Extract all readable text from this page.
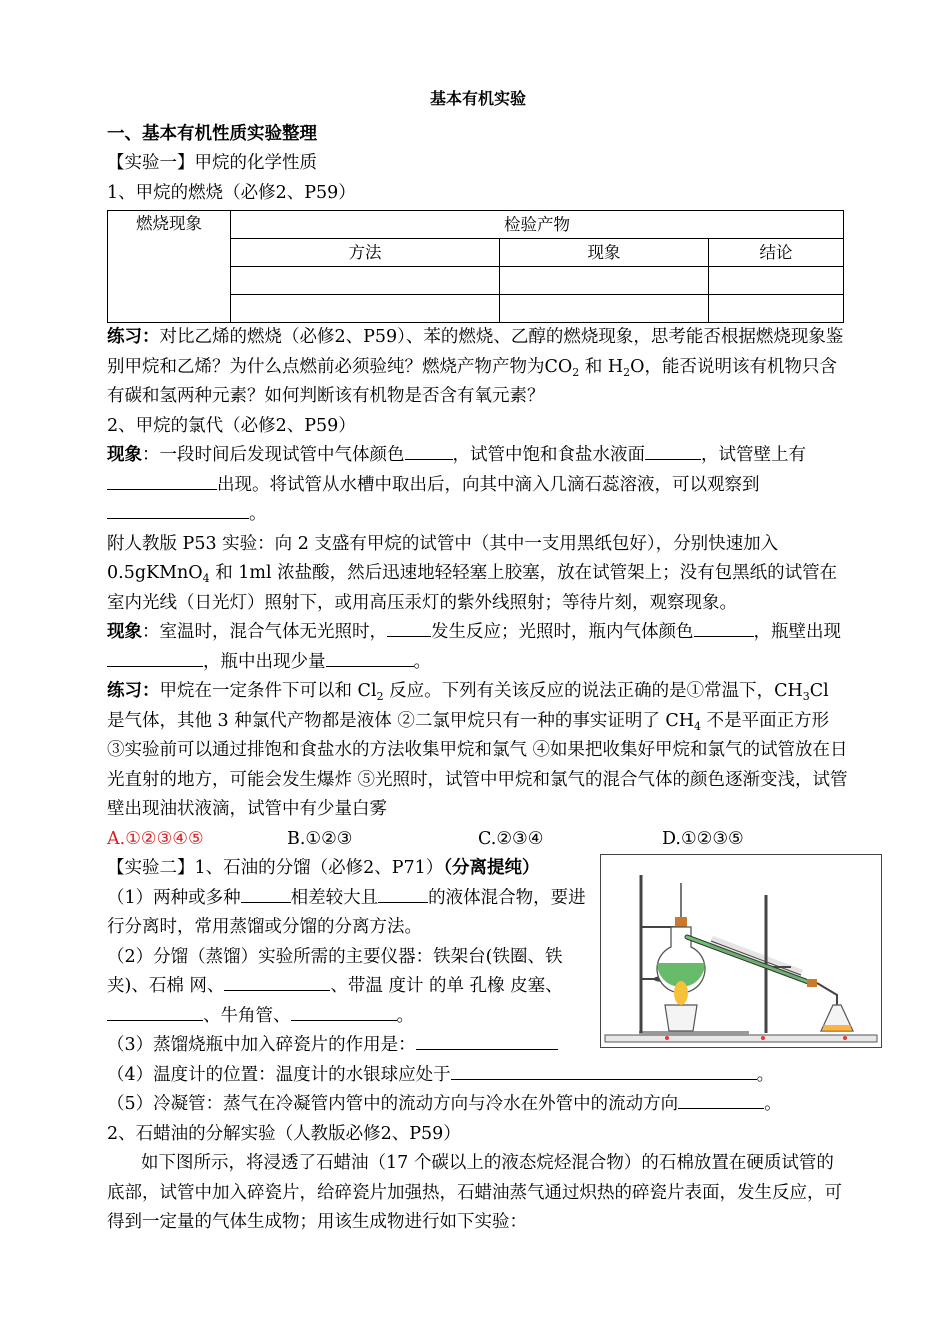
基本有机实验
一、基本有机性质实验整理
【实验一】甲烷的化学性质
1、甲烷的燃烧（必修2、P59）
燃烧现象	检验产物		
	方法	现象	结论

练习：对比乙烯的燃烧（必修2、P59）、苯的燃烧、乙醇的燃烧现象，思考能否根据燃烧现象鉴别甲烷和乙烯？为什么点燃前必须验纯？燃烧产物产物为$CO_2$ 和 $H_2O$，能否说明该有机物只含有碳和氢两种元素？如何判断该有机物是否含有氧元素？
2、甲烷的氯代（必修2、P59）
现象：一段时间后发现试管中气体颜色	，试管中饱和食盐水液面	，试管壁上有出现。将试管从水槽中取出后，向其中滴入几滴石蕊溶液，可以观察到。
附人教版 P53 实验：向 2 支盛有甲烷的试管中（其中一支用黑纸包好），分别快速加入 0.5gKMnO$_4$ 和 1ml 浓盐酸，然后迅速地轻轻塞上胶塞，放在试管架上；没有包黑纸的试管在室内光线（日光灯）照射下，或用高压汞灯的紫外线照射；等待片刻，观察现象。
现象：室温时，混合气体无光照时，	发生反应；光照时，瓶内气体颜色	，瓶壁出现，瓶中出现少量	。
练习：甲烷在一定条件下可以和 $Cl_2$ 反应。下列有关该反应的说法正确的是①常温下，$CH_3Cl$ 是气体，其他 3 种氯代产物都是液体 ②二氯甲烷只有一种的事实证明了 $CH_4$ 不是平面正方形 ③实验前可以通过排饱和食盐水的方法收集甲烷和氯气 ④如果把收集好甲烷和氯气的试管放在日光直射的地方，可能会发生爆炸 ⑤光照时，试管中甲烷和氯气的混合气体的颜色逐渐变浅，试管壁出现油状液滴，试管中有少量白雾
A.①②③④⑤	B.①②③	C.②③④	D.①②③⑤
【实验二】1、石油的分馏（必修2、P71）（分离提纯）
（1）两种或多种	相差较大且	的液体混合物，要进行分离时，常用蒸馏或分馏的分离方法。
（2）分馏（蒸馏）实验所需的主要仪器：铁架台(铁圈、铁夹)、石棉 网、	、带温 度计 的单 孔橡 皮塞、、牛角管、	。
（3）蒸馏烧瓶中加入碎瓷片的作用是：
（4）温度计的位置：温度计的水银球应处于	。
（5）冷凝管：蒸气在冷凝管内管中的流动方向与冷水在外管中的流动方向	。
2、石蜡油的分解实验（人教版必修2、P59）
如下图所示，将浸透了石蜡油（17 个碳以上的液态烷烃混合物）的石棉放置在硬质试管的底部，试管中加入碎瓷片，给碎瓷片加强热，石蜡油蒸气通过炽热的碎瓷片表面，发生反应，可得到一定量的气体生成物；用该生成物进行如下实验：
